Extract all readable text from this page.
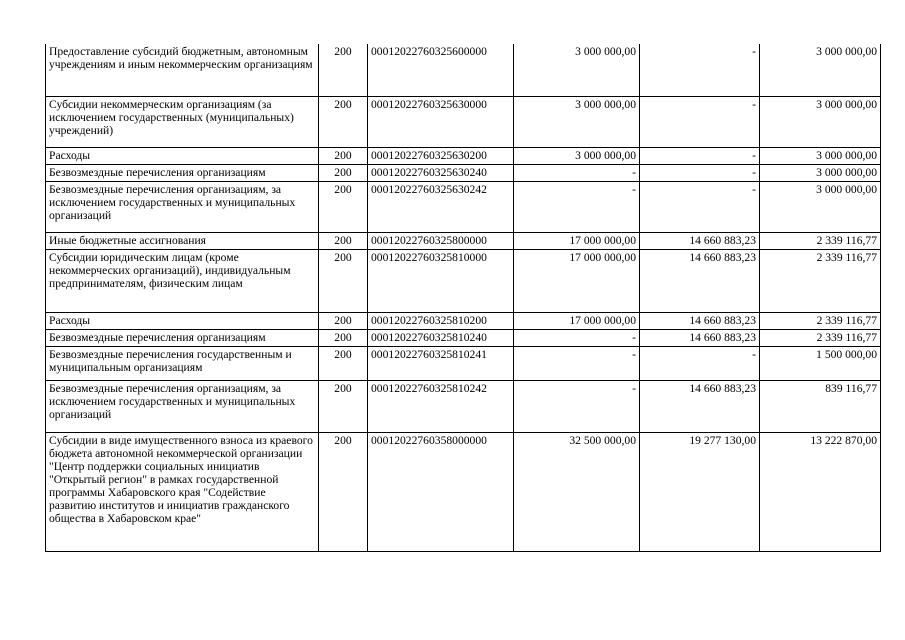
Предоставление субсидий бюджетным, автономным учреждениям и иным некоммерческим организациям	200	00012022760325600000	3 000 000,00	-	3 000 000,00
Субсидии некоммерческим организациям (за исключением государственных (муниципальных) учреждений)	200	00012022760325630000	3 000 000,00	-	3 000 000,00
Расходы	200	00012022760325630200	3 000 000,00	-	3 000 000,00
Безвозмездные перечисления организациям	200	00012022760325630240	-	-	3 000 000,00
Безвозмездные перечисления организациям, за исключением государственных и муниципальных организаций	200	00012022760325630242	-	-	3 000 000,00
Иные бюджетные ассигнования	200	00012022760325800000	17 000 000,00	14 660 883,23	2 339 116,77
Субсидии юридическим лицам (кроме некоммерческих организаций), индивидуальным предпринимателям, физическим лицам	200	00012022760325810000	17 000 000,00	14 660 883,23	2 339 116,77
Расходы	200	00012022760325810200	17 000 000,00	14 660 883,23	2 339 116,77
Безвозмездные перечисления организациям	200	00012022760325810240	-	14 660 883,23	2 339 116,77
Безвозмездные перечисления государственным и муниципальным организациям	200	00012022760325810241	-	-	1 500 000,00
Безвозмездные перечисления организациям, за исключением государственных и муниципальных организаций	200	00012022760325810242	-	14 660 883,23	839 116,77
Субсидии в виде имущественного взноса из краевого бюджета автономной некоммерческой организации "Центр поддержки социальных инициатив "Открытый регион" в рамках государственной программы Хабаровского края "Содействие развитию институтов и инициатив гражданского общества в Хабаровском крае"	200	00012022760358000000	32 500 000,00	19 277 130,00	13 222 870,00
